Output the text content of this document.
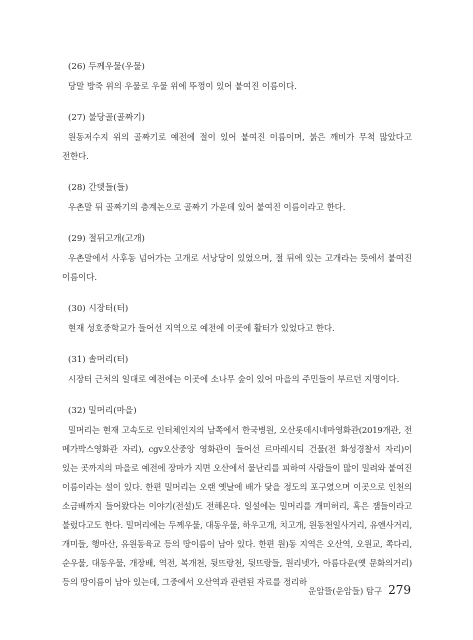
(26) 두께우물(우물)

당말 방죽 위의 우물로 우물 위에 뚜껑이 있어 붙여진 이름이다.

(27) 불당골(골짜기)

원동저수지 위의 골짜기로 예전에 절이 있어 붙여진 이름이며, 붉은 깨비가 무척 많았다고 전한다.

(28) 간뎃들(들)

우촌말 뒤 골짜기의 층계논으로 골짜기 가운데 있어 붙여진 이름이라고 한다.

(29) 절뒤고개(고개)

우촌말에서 사후동 넘어가는 고개로 서낭당이 있었으며, 절 뒤에 있는 고개라는 뜻에서 붙여진 이름이다.

(30) 시장터(터)

현재 성호중학교가 들어선 지역으로 예전에 이곳에 활터가 있었다고 한다.

(31) 솔머리(터)

시장터 근처의 일대로 예전에는 이곳에 소나무 숲이 있어 마을의 주민들이 부르던 지명이다.

(32) 밀머리(마을)

밀머리는 현재 고속도로 인터체인지의 남쪽에서 한국병원, 오산롯데시네마영화관(2019개관, 전 메가박스영화관 자리), cgv오산중앙 영화관이 들어선 르마레시티 건물(전 화성경찰서 자리)이 있는 곳까지의 마을로 예전에 장마가 지면 오산에서 물난리를 피하여 사람들이 많이 밀려와 붙여진 이름이라는 설이 있다. 한편 밀머리는 오랜 옛날에 배가 닻을 정도의 포구였으며 이곳으로 인천의 소금배까지 들어왔다는 이야기(전설)도 전해온다. 일설에는 밀머리를 개미허리, 혹은 잼들이라고 불렀다고도 한다. 밀머리에는 두께우물, 대동우물, 하우고개, 치고개, 원동천일사거리, 유엔사거리, 개미들, 행마산, 유원동육교 등의 땅이름이 남아 있다. 한편 원)동 지역은 오산역, 오원교, 쪽다리, 순우물, 대동우물, 개장배, 역전, 복개천, 뒷뜨랑천, 뒷뜨랑들, 원리넷가, 아름다운(옛 문화의거리) 등의 땅이름이 남아 있는데, 그중에서 오산역과 관련된 자료를 정리하

운암뜰(운암들) 탐구 279
